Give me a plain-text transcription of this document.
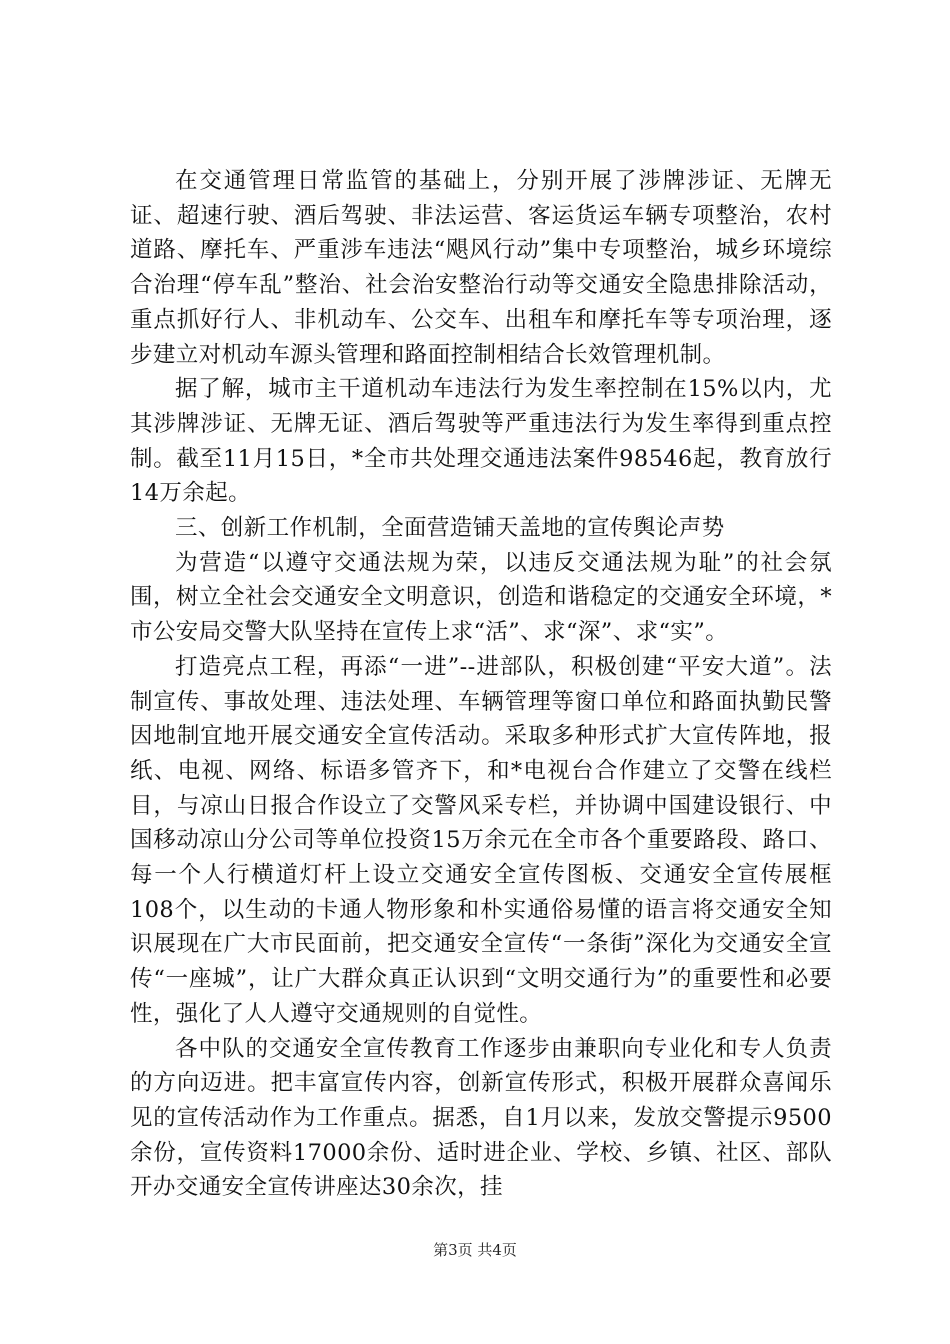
在交通管理日常监管的基础上，分别开展了涉牌涉证、无牌无证、超速行驶、酒后驾驶、非法运营、客运货运车辆专项整治，农村道路、摩托车、严重涉车违法“飓风行动”集中专项整治，城乡环境综合治理“停车乱”整治、社会治安整治行动等交通安全隐患排除活动，重点抓好行人、非机动车、公交车、出租车和摩托车等专项治理，逐步建立对机动车源头管理和路面控制相结合长效管理机制。

据了解，城市主干道机动车违法行为发生率控制在15%以内，尤其涉牌涉证、无牌无证、酒后驾驶等严重违法行为发生率得到重点控制。截至11月15日，*全市共处理交通违法案件98546起，教育放行14万余起。

三、创新工作机制，全面营造铺天盖地的宣传舆论声势

为营造“以遵守交通法规为荣，以违反交通法规为耻”的社会氛围，树立全社会交通安全文明意识，创造和谐稳定的交通安全环境，*市公安局交警大队坚持在宣传上求“活”、求“深”、求“实”。

打造亮点工程，再添“一进”--进部队，积极创建“平安大道”。法制宣传、事故处理、违法处理、车辆管理等窗口单位和路面执勤民警因地制宜地开展交通安全宣传活动。采取多种形式扩大宣传阵地，报纸、电视、网络、标语多管齐下，和*电视台合作建立了交警在线栏目，与凉山日报合作设立了交警风采专栏，并协调中国建设银行、中国移动凉山分公司等单位投资15万余元在全市各个重要路段、路口、每一个人行横道灯杆上设立交通安全宣传图板、交通安全宣传展框108个，以生动的卡通人物形象和朴实通俗易懂的语言将交通安全知识展现在广大市民面前，把交通安全宣传“一条街”深化为交通安全宣传“一座城”，让广大群众真正认识到“文明交通行为”的重要性和必要性，强化了人人遵守交通规则的自觉性。

各中队的交通安全宣传教育工作逐步由兼职向专业化和专人负责的方向迈进。把丰富宣传内容，创新宣传形式，积极开展群众喜闻乐见的宣传活动作为工作重点。据悉，自1月以来，发放交警提示9500余份，宣传资料17000余份、适时进企业、学校、乡镇、社区、部队开办交通安全宣传讲座达30余次，挂

第3页 共4页
